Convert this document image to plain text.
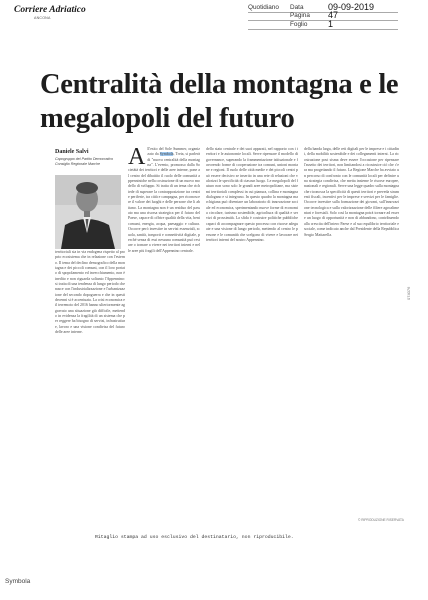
Corriere Adriatico
ANCONA
Quotidiano	Data	09-09-2019
Pagina	47
Foglio	1
Centralità della montagna e le megalopoli del futuro
Daniele Salvi
Capogruppo del Partito Democratico Consiglio Regionale Marche
territoriali sia in via endogena rispetto al proprio ecosistema che in relazione con l'esterno. Il tema del declino demografico della montagna e dei piccoli comuni, con il loro portato di spopolamento ed invecchiamento, non è inedito e non riguarda soltanto l'Appennino: si tratta di una tendenza di lungo periodo che nasce con l'industrializzazione e l'urbanizzazione del secondo dopoguerra e che in questi decenni si è accentuata. La crisi economica e il terremoto del 2016 hanno ulteriormente aggravato una situazione già difficile, mettendo in evidenza la fragilità di un sistema che per reggere ha bisogno di servizi, infrastrutture, lavoro e una visione condivisa del futuro delle aree interne.
All'esito del Sole Summer, organizzato da Symbola, Treia, si parlerà di "nuova centralità della montagna". L'evento, promosso dalla Societàtà dei territori e delle aree interne, pone al centro del dibattito il ruolo delle comunità appenniniche nella costruzione di un nuovo modello di sviluppo. Si tratta di un tema che richiede di superare la contrapposizione tra centri e periferie, tra città e campagna, per riconoscere il valore dei luoghi e delle persone che li abitano. La montagna non è un residuo del passato ma una risorsa strategica per il futuro del Paese, capace di offrire qualità della vita, beni comuni, energia, acqua, paesaggio e cultura. Occorre però investire in servizi essenziali, scuola, sanità, trasporti e connettività digitale, perché senza di essi nessuna comunità può restare o tornare a vivere nei territori interni e nelle aree più fragili dell'Appennino centrale.
dello stato centrale e dei suoi apparati, nel rapporto con i territori e le autonomie locali. Serve ripensare il modello di governance, superando la frammentazione istituzionale e favorendo forme di cooperazione tra comuni, unioni montane e regioni. Il ruolo delle città medie e dei piccoli centri può essere decisivo se inserito in una rete di relazioni che valorizzi le specificità di ciascun luogo. Le megalopoli del futuro non sono solo le grandi aree metropolitane, ma sistemi territoriali complessi in cui pianura, collina e montagna dialogano e si integrano. In questo quadro la montagna marchigiana può diventare un laboratorio di innovazione sociale ed economica, sperimentando nuove forme di economia circolare, turismo sostenibile, agricoltura di qualità e servizi di prossimità. La sfida è costruire politiche pubbliche capaci di accompagnare questo processo con risorse adeguate e una visione di lungo periodo, mettendo al centro le persone e le comunità che scelgono di vivere e lavorare nei territori interni del nostro Appennino.
della banda larga, delle reti digitali per le imprese e i cittadini, della mobilità sostenibile e dei collegamenti interni. La ricostruzione post sisma deve essere l'occasione per ripensare l'assetto dei territori, non limitandosi a ricostruire ciò che c'era ma progettando il futuro. La Regione Marche ha avviato un percorso di confronto con le comunità locali per definire una strategia condivisa, che metta insieme le risorse europee, nazionali e regionali. Serve una legge quadro sulla montagna che riconosca la specificità di questi territori e preveda strumenti fiscali, incentivi per le imprese e servizi per le famiglie. Occorre investire sulla formazione dei giovani, sull'innovazione tecnologica e sulla valorizzazione delle filiere agroalimentari e forestali. Solo così la montagna potrà tornare ad essere un luogo di opportunità e non di abbandono, contribuendo alla crescita dell'intero Paese e al suo equilibrio territoriale e sociale, come indicato anche dal Presidente della Repubblica Sergio Mattarella.
© RIPRODUZIONE RISERVATA
074076
Ritaglio stampa ad uso esclusivo del destinatario, non riproducibile.
Symbola
